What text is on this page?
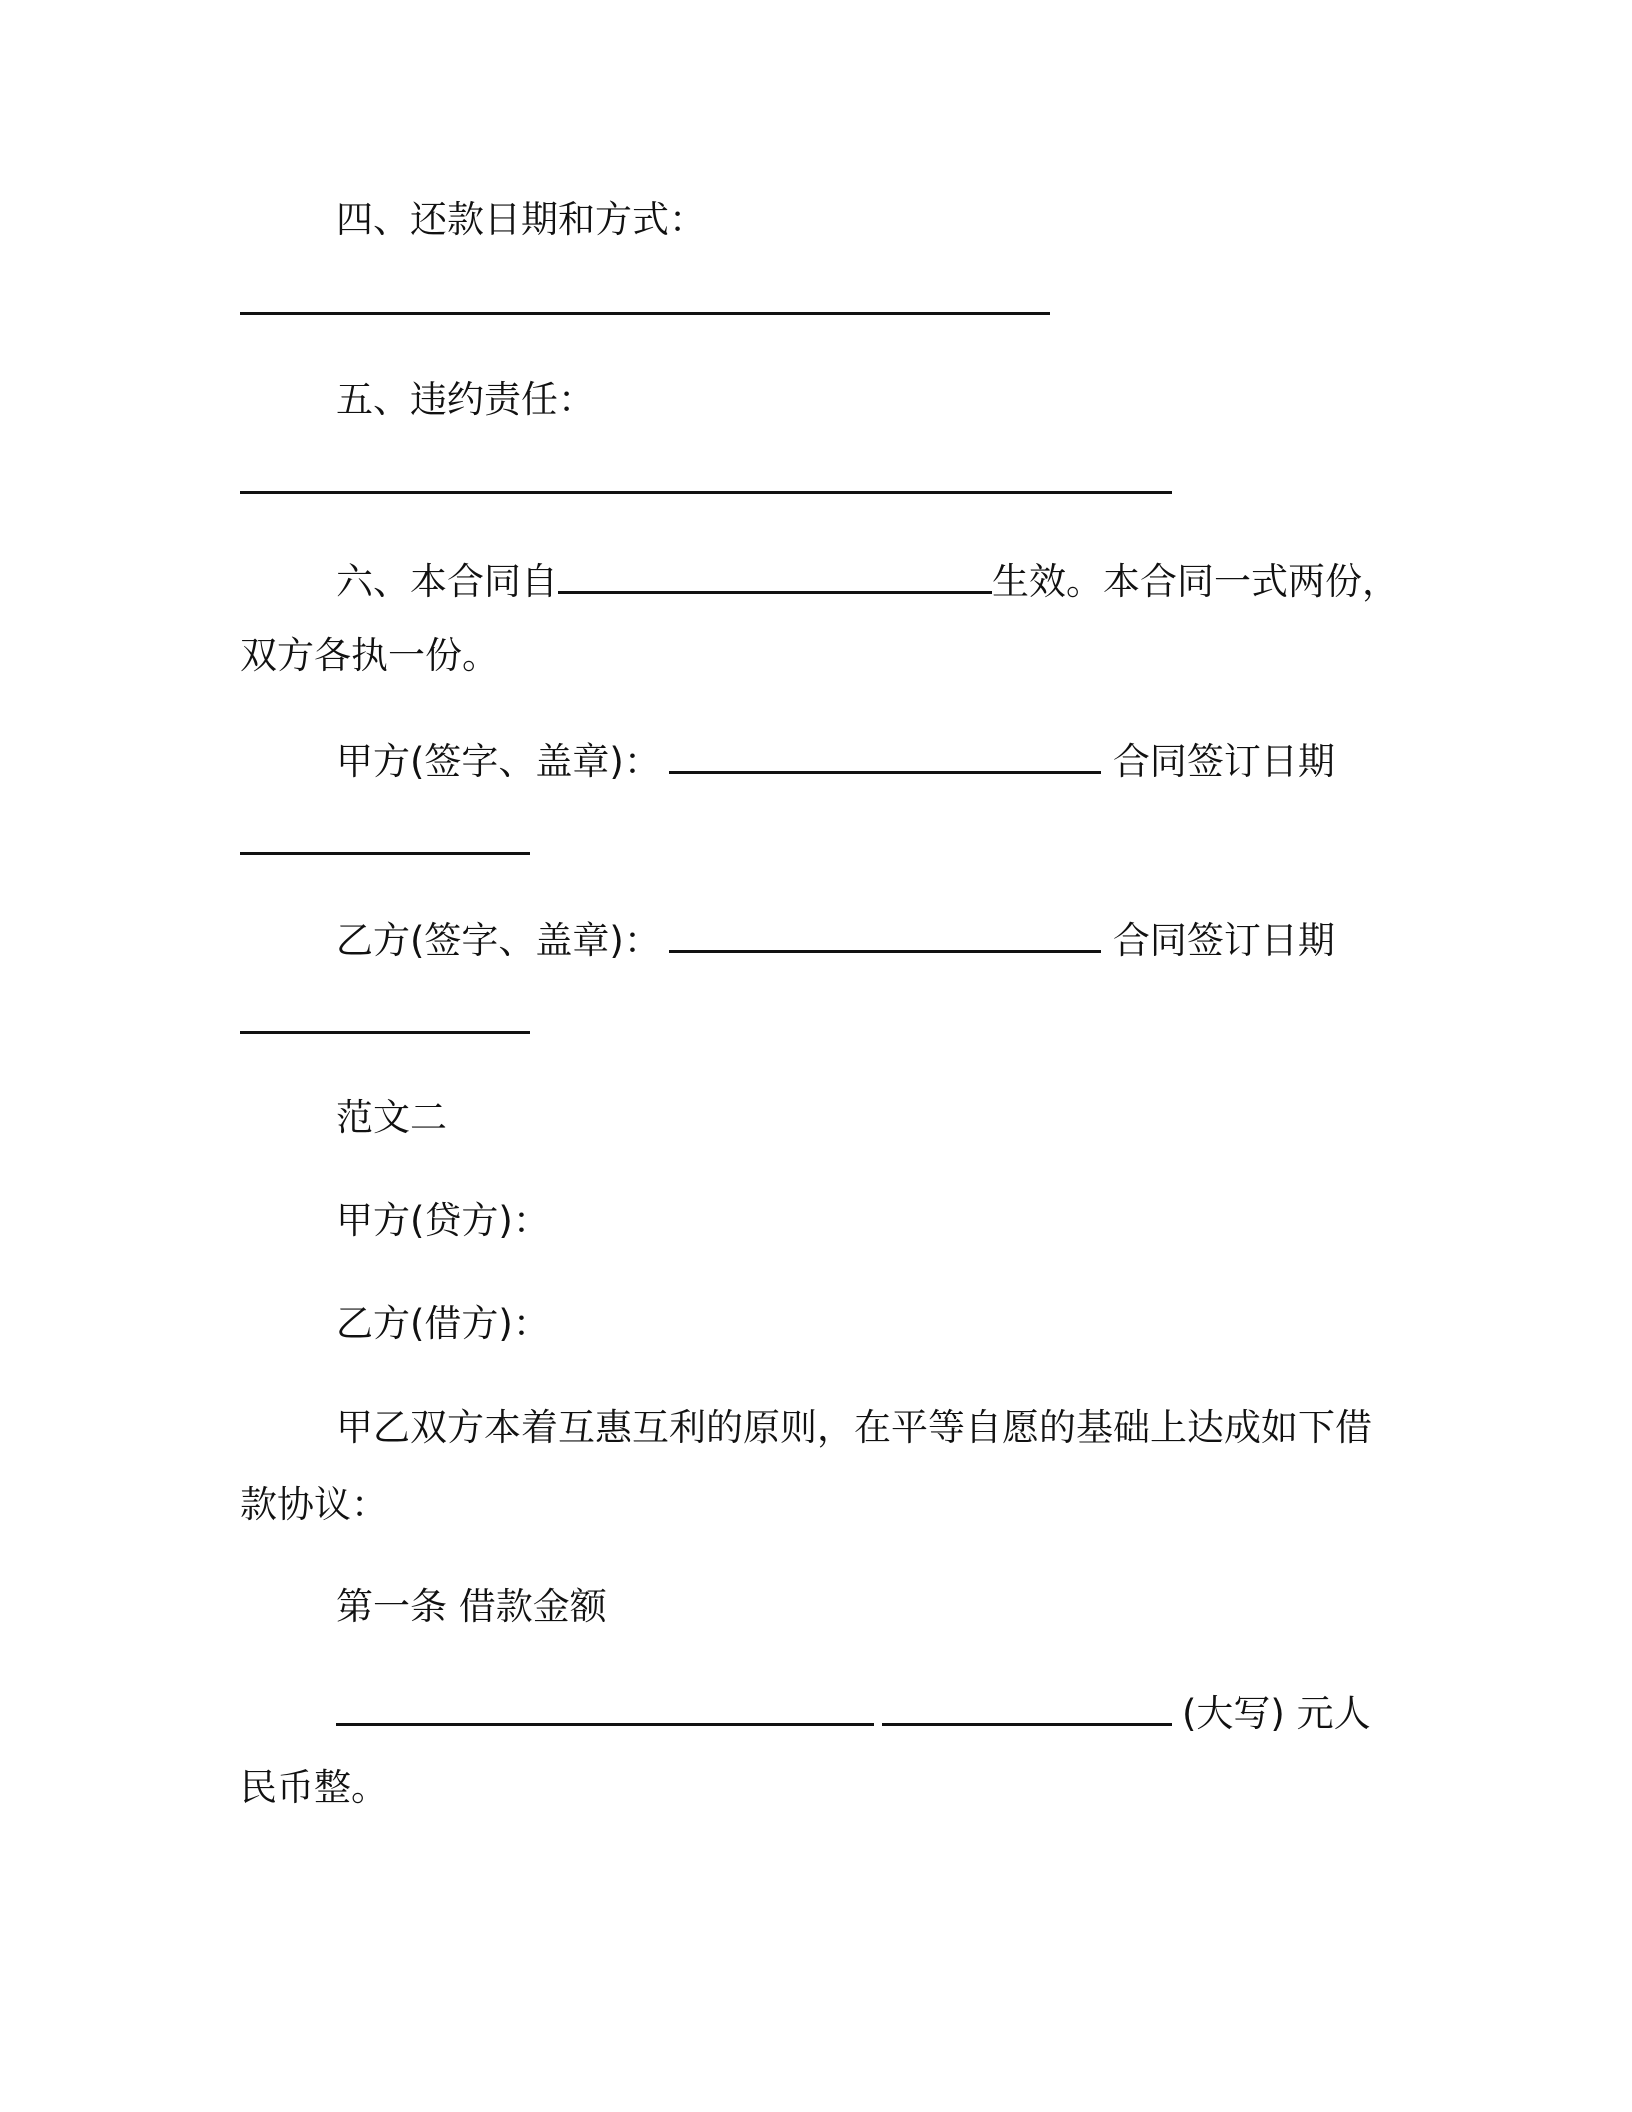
四、还款日期和方式：
五、违约责任：
六、本合同自	生效。本合同一式两份，
双方各执一份。
甲方(签字、盖章)：	合同签订日期
乙方(签字、盖章)：	合同签订日期
范文二
甲方(贷方)：
乙方(借方)：
甲乙双方本着互惠互利的原则，在平等自愿的基础上达成如下借
款协议：
第一条 借款金额
(大写) 元人
民币整。
